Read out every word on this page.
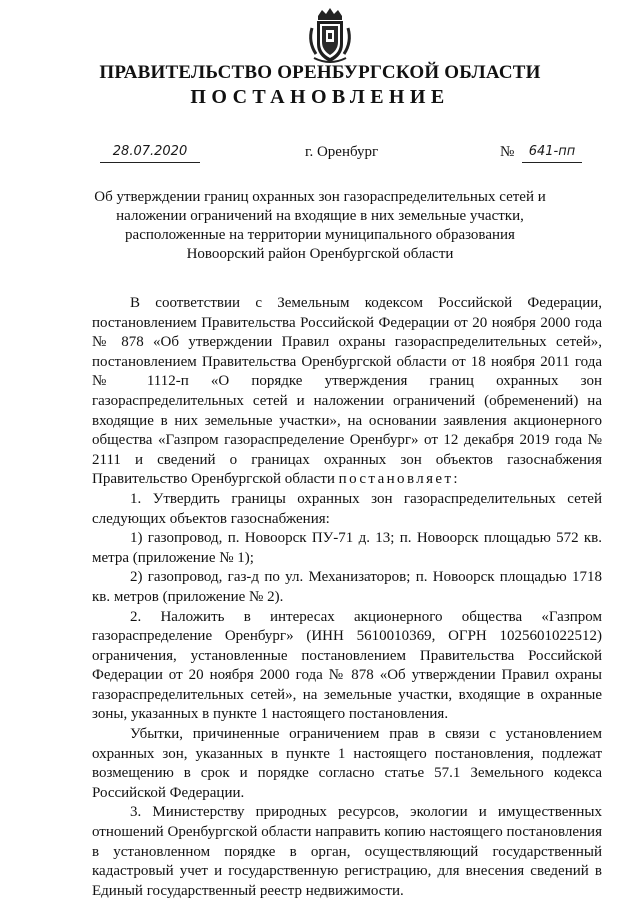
ПРАВИТЕЛЬСТВО ОРЕНБУРГСКОЙ ОБЛАСТИ
ПОСТАНОВЛЕНИЕ
28.07.2020	г. Оренбург	№	641-пп
Об утверждении границ охранных зон газораспределительных сетей и
наложении ограничений на входящие в них земельные участки,
расположенные на территории муниципального образования
Новоорский район Оренбургской области

В соответствии с Земельным кодексом Российской Федерации, постановлением Правительства Российской Федерации от 20 ноября 2000 года № 878 «Об утверждении Правил охраны газораспределительных сетей», постановлением Правительства Оренбургской области от 18 ноября 2011 года № 1112-п «О порядке утверждения границ охранных зон газораспределительных сетей и наложении ограничений (обременений) на входящие в них земельные участки», на основании заявления акционерного общества «Газпром газораспределение Оренбург» от 12 декабря 2019 года № 2111 и сведений о границах охранных зон объектов газоснабжения Правительство Оренбургской области постановляет:

1. Утвердить границы охранных зон газораспределительных сетей следующих объектов газоснабжения:

1) газопровод, п. Новоорск ПУ-71 д. 13; п. Новоорск площадью 572 кв. метра (приложение № 1);

2) газопровод, газ-д по ул. Механизаторов; п. Новоорск площадью 1718 кв. метров (приложение № 2).

2. Наложить в интересах акционерного общества «Газпром газораспределение Оренбург» (ИНН 5610010369, ОГРН 1025601022512) ограничения, установленные постановлением Правительства Российской Федерации от 20 ноября 2000 года № 878 «Об утверждении Правил охраны газораспределительных сетей», на земельные участки, входящие в охранные зоны, указанных в пункте 1 настоящего постановления.

Убытки, причиненные ограничением прав в связи с установлением охранных зон, указанных в пункте 1 настоящего постановления, подлежат возмещению в срок и порядке согласно статье 57.1 Земельного кодекса Российской Федерации.

3. Министерству природных ресурсов, экологии и имущественных отношений Оренбургской области направить копию настоящего постановления в установленном порядке в орган, осуществляющий государственный кадастровый учет и государственную регистрацию, для внесения сведений в Единый государственный реестр недвижимости.
